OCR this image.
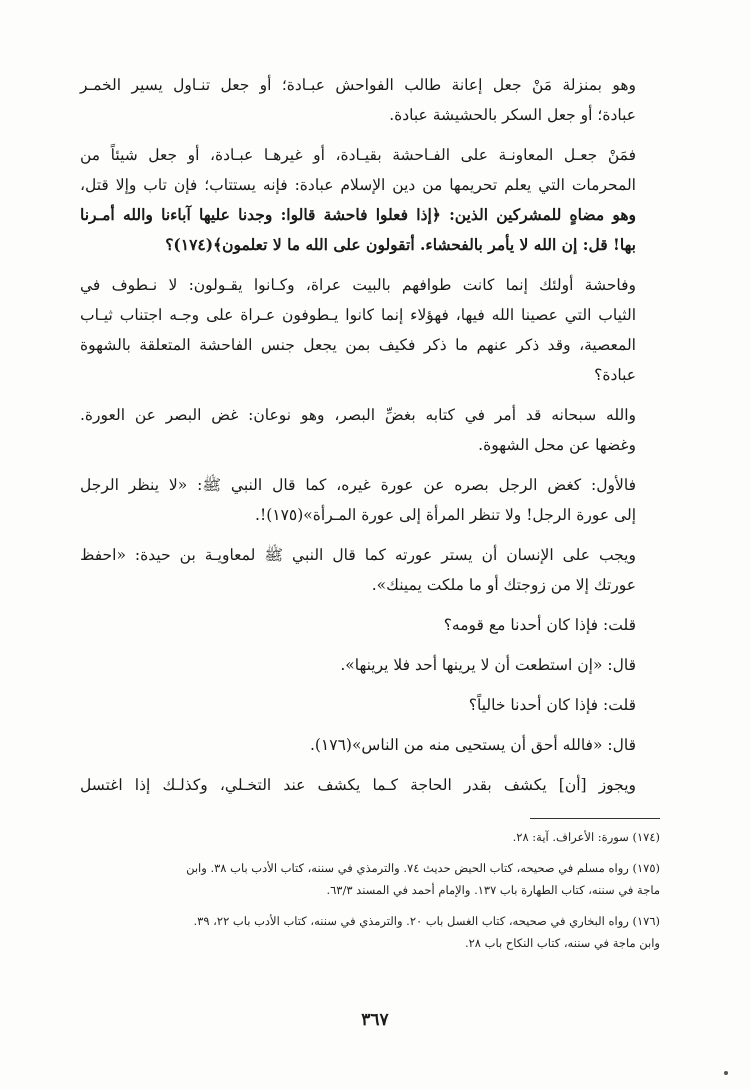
وهو بمنزلة مَنْ جعل إعانة طالب الفواحش عبـادة؛ أو جعل تنـاول يسير الخمـر
عبادة؛ أو جعل السكر بالحشيشة عبادة.

فمَنْ جعـل المعاونـة على الفـاحشة بقيـادة، أو غيرهـا عبـادة، أو جعل شيئاً من
المحرمات التي يعلم تحريمها من دين الإسلام عبادة: فإنه يستتاب؛ فإن تاب وإلا قتل،
وهو مضاهٍ للمشركين الذين: ﴿إذا فعلوا فاحشة قالوا: وجدنا عليها آباءنا والله أمـرنا
بها! قل: إن الله لا يأمر بالفحشاء. أتقولون على الله ما لا تعلمون﴾(١٧٤)؟

وفاحشة أولئك إنما كانت طوافهم بالبيت عراة، وكـانوا يقـولون: لا نـطوف في
الثياب التي عصينا الله فيها، فهؤلاء إنما كانوا يـطوفون عـراة على وجـه اجتناب ثيـاب
المعصية، وقد ذكر عنهم ما ذكر فكيف بمن يجعل جنس الفاحشة المتعلقة بالشهوة عبادة؟

والله سبحانه قد أمر في كتابه بغضِّ البصر، وهو نوعان: غض البصر عن العورة.
وغضها عن محل الشهوة.

فالأول: كغض الرجل بصره عن عورة غيره، كما قال النبي ﷺ: «لا ينظر الرجل
إلى عورة الرجل! ولا تنظر المرأة إلى عورة المـرأة»(١٧٥)!.

ويجب على الإنسان أن يستر عورته كما قال النبي ﷺ لمعاويـة بن حيدة: «احفظ
عورتك إلا من زوجتك أو ما ملكت يمينك».

قلت: فإذا كان أحدنا مع قومه؟
قال: «إن استطعت أن لا يرينها أحد فلا يرينها».
قلت: فإذا كان أحدنا خالياً؟
قال: «فالله أحق أن يستحيى منه من الناس»(١٧٦).

ويجوز [أن] يكشف بقدر الحاجة كـما يكشف عند التخـلي، وكذلـك إذا اغتسل

(١٧٤) سورة: الأعراف. آية: ٢٨.
(١٧٥) رواه مسلم في صحيحه، كتاب الحيض حديث ٧٤. والترمذي في سننه، كتاب الأدب باب ٣٨. وابن
ماجة في سننه، كتاب الطهارة باب ١٣٧. والإمام أحمد في المسند ٦٣/٣.
(١٧٦) رواه البخاري في صحيحه، كتاب الغسل باب ٢٠. والترمذي في سننه، كتاب الأدب باب ٢٢، ٣٩.
وابن ماجة في سننه، كتاب النكاح باب ٢٨.
٣٦٧
